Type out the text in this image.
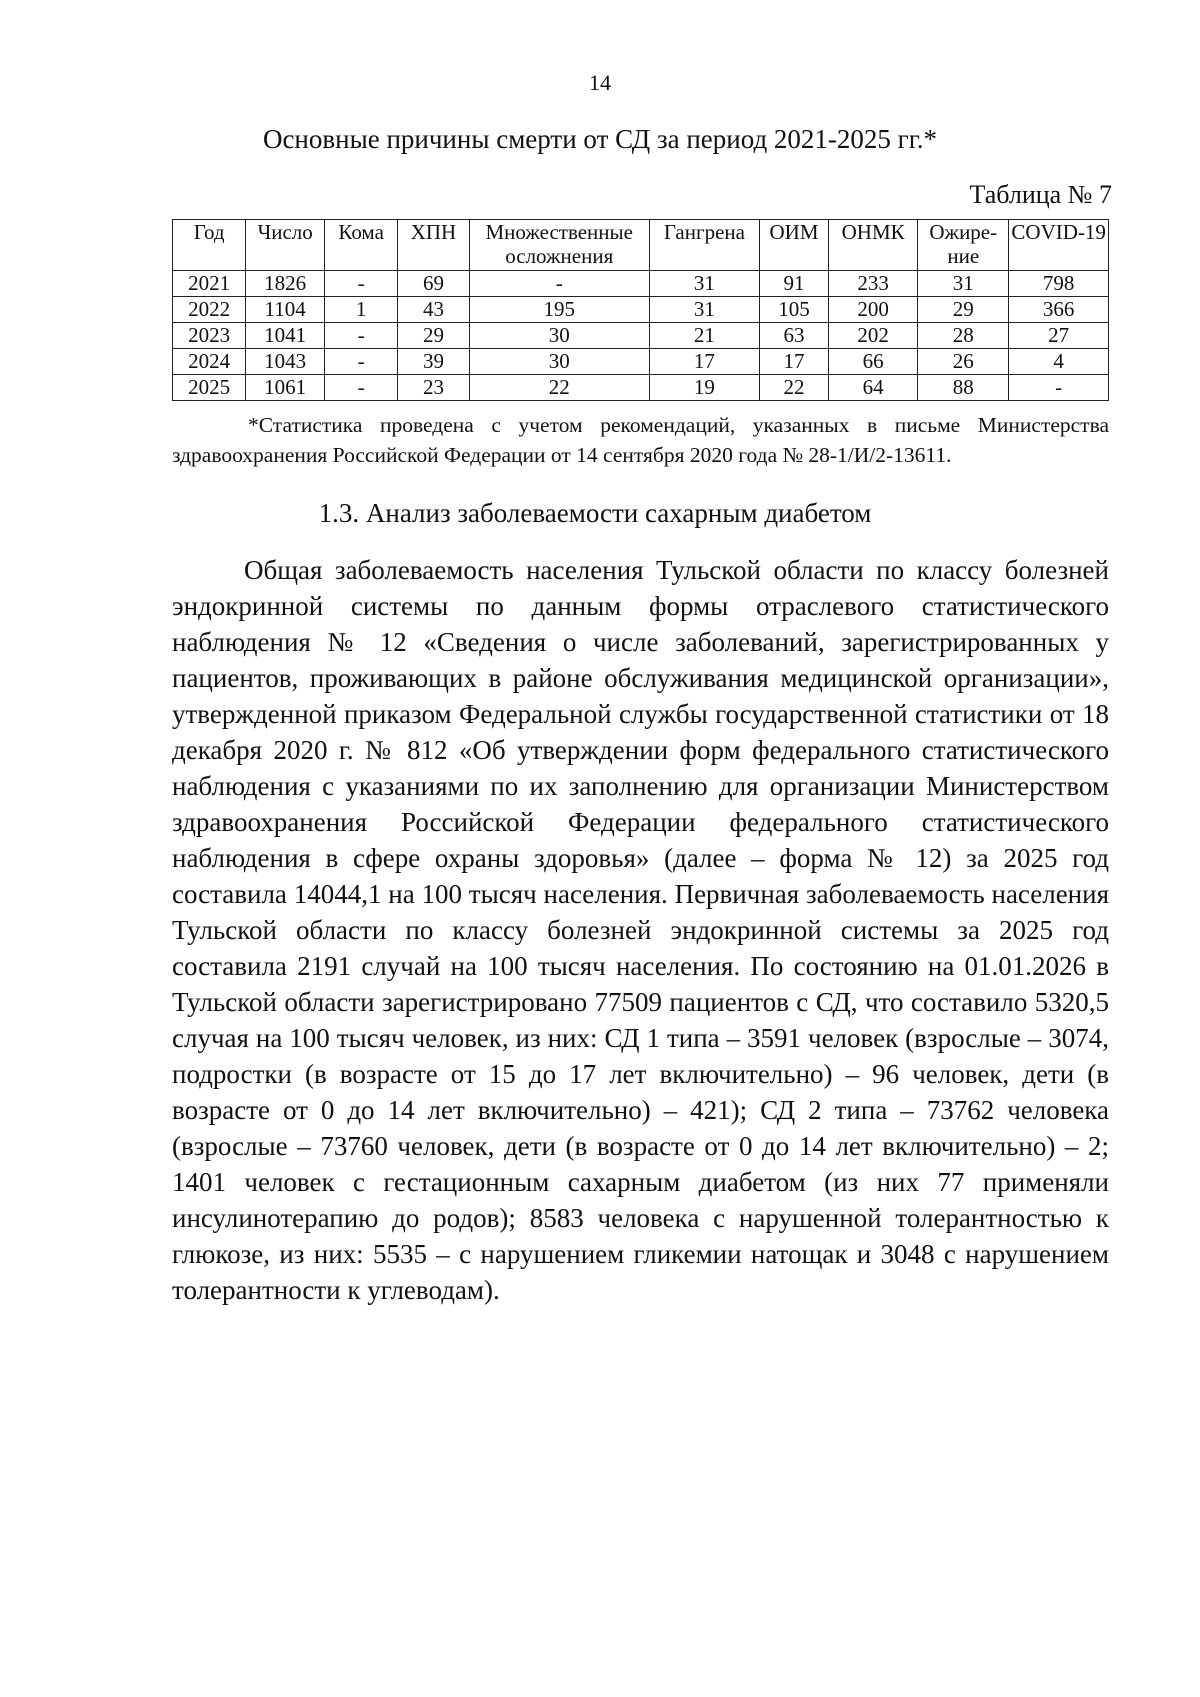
14
Основные причины смерти от СД за период 2021-2025 гг.*
Таблица № 7
Год	Число	Кома	ХПН	Множественные осложнения	Гангрена	ОИМ	ОНМК	Ожире-ние	COVID-19
2021	1826	-	69	-	31	91	233	31	798
2022	1104	1	43	195	31	105	200	29	366
2023	1041	-	29	30	21	63	202	28	27
2024	1043	-	39	30	17	17	66	26	4
2025	1061	-	23	22	19	22	64	88	-
*Статистика проведена с учетом рекомендаций, указанных в письме Министерства
здравоохранения Российской Федерации от 14 сентября 2020 года № 28-1/И/2-13611.
1.3. Анализ заболеваемости сахарным диабетом

Общая заболеваемость населения Тульской области по классу болезней эндокринной системы по данным формы отраслевого статистического наблюдения № 12 «Сведения о числе заболеваний, зарегистрированных у пациентов, проживающих в районе обслуживания медицинской организации», утвержденной приказом Федеральной службы государственной статистики от 18 декабря 2020 г. № 812 «Об утверждении форм федерального статистического наблюдения с указаниями по их заполнению для организации Министерством здравоохранения Российской Федерации федерального статистического наблюдения в сфере охраны здоровья» (далее – форма № 12) за 2025 год составила 14044,1 на 100 тысяч населения. Первичная заболеваемость населения Тульской области по классу болезней эндокринной системы за 2025 год составила 2191 случай на 100 тысяч населения. По состоянию на 01.01.2026 в Тульской области зарегистрировано 77509 пациентов с СД, что составило 5320,5 случая на 100 тысяч человек, из них: СД 1 типа – 3591 человек (взрослые – 3074, подростки (в возрасте от 15 до 17 лет включительно) – 96 человек, дети (в возрасте от 0 до 14 лет включительно) – 421); СД 2 типа – 73762 человека (взрослые – 73760 человек, дети (в возрасте от 0 до 14 лет включительно) – 2; 1401 человек с гестационным сахарным диабетом (из них 77 применяли инсулинотерапию до родов); 8583 человека с нарушенной толерантностью к глюкозе, из них: 5535 – с нарушением гликемии натощак и 3048 с нарушением толерантности к углеводам).
